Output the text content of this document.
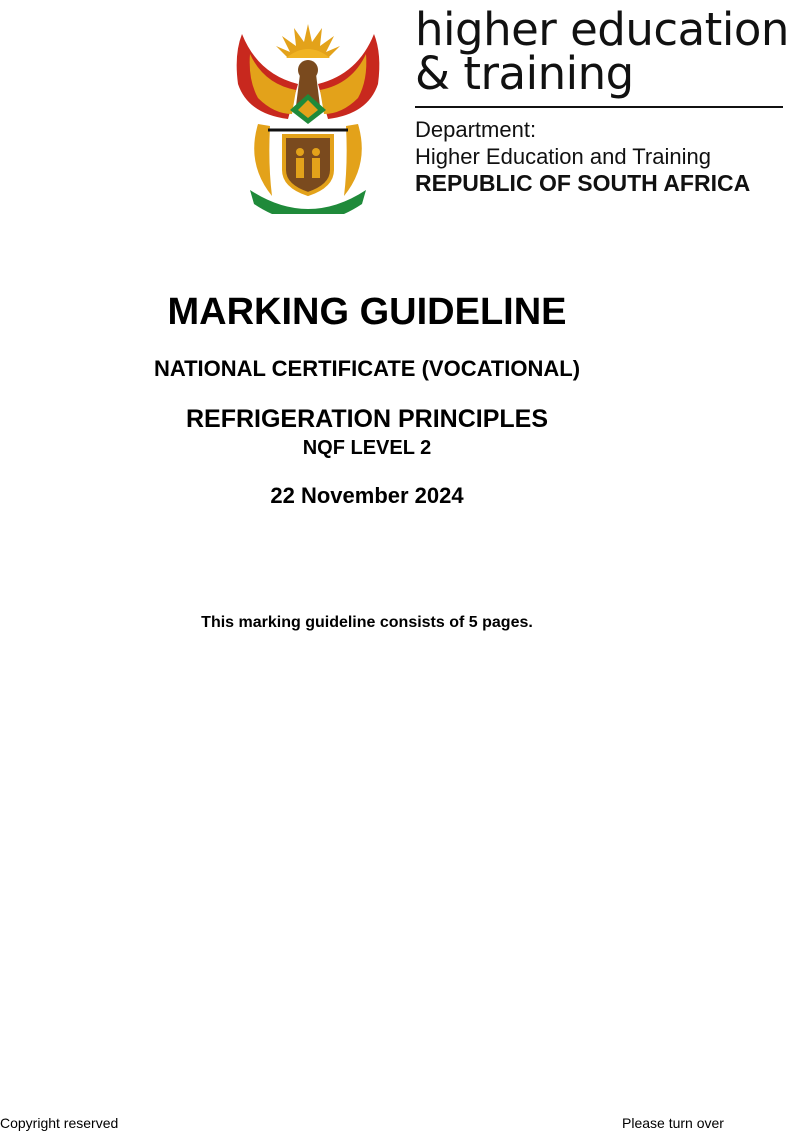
higher education
& training
Department:
Higher Education and Training
REPUBLIC OF SOUTH AFRICA
MARKING GUIDELINE
NATIONAL CERTIFICATE (VOCATIONAL)
REFRIGERATION PRINCIPLES
NQF LEVEL 2
22 November 2024
This marking guideline consists of 5 pages.
Copyright reserved	Please turn over
